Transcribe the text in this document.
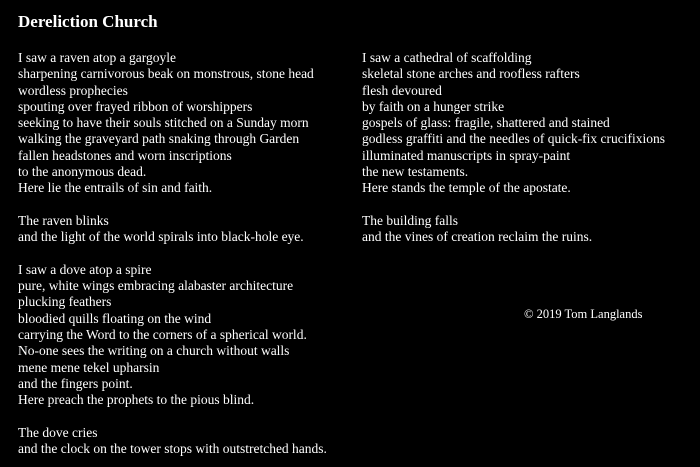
Dereliction Church
I saw a raven atop a gargoyle
sharpening carnivorous beak on monstrous, stone head
wordless prophecies
spouting over frayed ribbon of worshippers
seeking to have their souls stitched on a Sunday morn
walking the graveyard path snaking through Garden
fallen headstones and worn inscriptions
to the anonymous dead.
Here lie the entrails of sin and faith.
The raven blinks
and the light of the world spirals into black-hole eye.
I saw a dove atop a spire
pure, white wings embracing alabaster architecture
plucking feathers
bloodied quills floating on the wind
carrying the Word to the corners of a spherical world.
No-one sees the writing on a church without walls
mene mene tekel upharsin
and the fingers point.
Here preach the prophets to the pious blind.
The dove cries
and the clock on the tower stops with outstretched hands.
I saw a cathedral of scaffolding
skeletal stone arches and roofless rafters
flesh devoured
by faith on a hunger strike
gospels of glass: fragile, shattered and stained
godless graffiti and the needles of quick-fix crucifixions
illuminated manuscripts in spray-paint
the new testaments.
Here stands the temple of the apostate.
The building falls
and the vines of creation reclaim the ruins.
© 2019 Tom Langlands
